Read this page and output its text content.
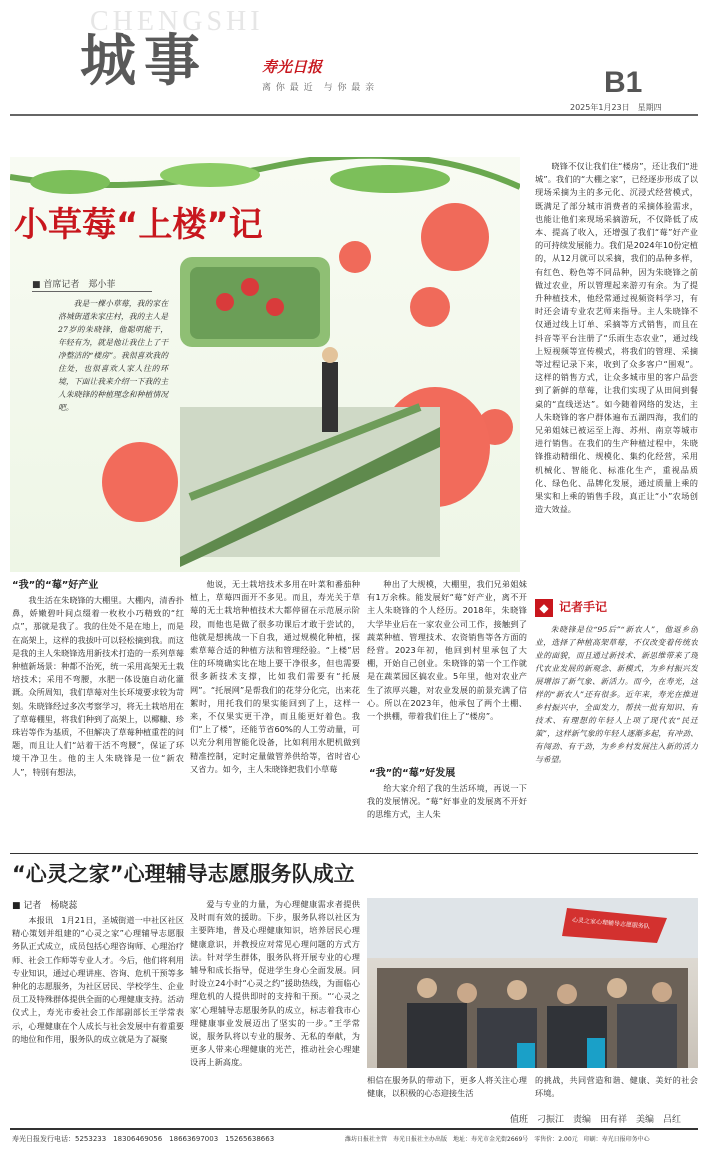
CHENGSHI
城事	寿光日报
离 你 最 近　与 你 最 亲	B1
2025年1月23日　星期四
小草莓“上楼”记
■ 首席记者　郑小菲
我是一棵小草莓，我的家在洛城街道朱家庄村，我的主人是27岁的朱晓锋，他聪明能干，年轻有为，就是他让我住上了干净整洁的“楼房”。我很喜欢我的住处，也很喜欢人家人往的环境，下面让我来介绍一下我的主人朱晓锋的种植理念和种植情况吧。
“我”的“莓”好产业

我生活在朱晓锋的大棚里。大棚内，清香扑鼻，娇嫩碧叶间点缀着一枚枚小巧精致的“红点”，那就是我了。我的住处不是在地上，而是在高架上，这样的我拔叶可以轻松摘到我。而这是我的主人朱晓锋选用新技术打造的一系列草莓种植新场景：种都不治死，统一采用高架无土栽培技术；采用不弯腰，水肥一体设施自动化灌溉。众所周知，我们草莓对生长环境要求较为苛刻。朱晓锋经过多次考察学习，将无土栽培用在了草莓棚里，将我们种到了高架上，以椰糠、珍珠岩等作为基质，不但解决了草莓种植重茬的问题，而且让人们“站着干活不弯腰”，保证了环境干净卫生。他的主人朱晓锋是一位“新农人”，特别有想法，

他说，无土栽培技术多用在叶菜和番茄种植上，草莓四面开不多见。而且，寿光关于草莓的无土栽培种植技术大都停留在示范展示阶段，而他也是做了很多功课后才敢于尝试的，他就是想挑战一下自我，通过规模化种植，探索草莓合适的种植方法和管理经验。“上楼”居住的环境确实比在地上要干净很多，但也需要很多新技术支撑，比如我们需要有“托展网”。“托展网”是帮我们的花芽分化完，出来花絮时，用托我们的果实能回到了上，这样一来，不仅果实更干净，而且能更好着色。我们“上了楼”，还能节省60%的人工劳动量，可以充分利用智能化设备，比如利用水肥机做到精准控制，定时定量做管养供给等，省时省心又省力。如今，主人朱晓锋把我们小草莓

种出了大规模，大棚里，我们兄弟姐妹有1万余株。能发展好“莓”好产业，离不开主人朱晓锋的个人经历。2018年，朱晓锋大学毕业后在一家农业公司工作，接触到了蔬菜种植、管理技术、农资销售等各方面的经营。2023年初，他回到村里承包了大棚，开始自己创业。朱晓锋的第一个工作就是在蔬菜园区搞农业。5年里，他对农业产生了浓厚兴趣，对农业发展的前景充满了信心。所以在2023年，他承包了两个土棚、一个拱棚，带着我们住上了“楼房”。

“我”的“莓”好发展

给大家介绍了我的生活环境，再说一下我的发展情况。“莓”好事业的发展离不开好的思维方式，主人朱

晓锋不仅让我们住“楼房”，还让我们“进城”。我们的“大棚之家”，已经逐步形成了以现场采摘为主的多元化、沉浸式经营模式，既满足了部分城市消费者的采摘体验需求，也能让他们来现场采摘游玩，不仅降低了成本、提高了收入，还增强了我们“莓”好产业的可持续发展能力。我们是2024年10份定植的，从12月就可以采摘，我们的品种多样，有红色、粉色等不同品种，因为朱晓锋之前做过农业，所以管理起来游刃有余。为了提升种植技术，他经常通过视频资料学习，有时还会请专业农艺师来指导。主人朱晓锋不仅通过线上订单、采摘等方式销售，而且在抖音等平台注册了“乐雨生态农业”，通过线上短视频等宣传模式，将我们的管理、采摘等过程记录下来，收到了众多客户“围观”。这样的销售方式，让众多城市里的客户品尝到了新鲜的草莓，让我们实现了从田间到餐桌的“直线送达”。如今随着网络的发达，主人朱晓锋的客户群体遍布五湖四海，我们的兄弟姐妹已被运至上海、苏州、南京等城市进行销售。在我们的生产种植过程中，朱晓锋推动精细化、规模化、集约化经营，采用机械化、智能化、标准化生产，重视品质化、绿色化、品牌化发展，通过质量上乘的果实和上乘的销售手段，真正让“小”农场创造大效益。

◆ 记者手记
朱晓锋是位“95后”“新农人”，他返乡创业，选择了种植高架草莓，不仅改变着传统农业的面貌，而且通过新技术、新思维带来了现代农业发展的新观念、新模式，为乡村振兴发展增添了新气象、新活力。而今，在寿光，这样的“新农人”还有很多。近年来，寿光在推进乡村振兴中，全面发力，帮扶一批有知识、有技术、有理想的年轻人上项了现代农“民迁策”，这样新气象的年轻人逐渐多起，有冲劲、有闯劲、有干劲，为乡乡村发展注入新的活力与希望。
“心灵之家”心理辅导志愿服务队成立
■ 记者　杨晓蕊

本报讯　1月21日，圣城街道一中社区社区精心策划并组建的“心灵之家”心理辅导志愿服务队正式成立，成员包括心理咨询师、心理治疗师、社会工作师等专业人才。今后，他们将利用专业知识，通过心理讲座、咨询、危机干预等多种化的志愿服务，为社区居民、学校学生、企业员工及特殊群体提供全面的心理健康支持。活动仪式上，寿光市委社会工作部副部长王学常表示，心理健康在个人成长与社会发展中有着重要的地位和作用，服务队的成立就是为了凝聚

爱与专业的力量，为心理健康需求者提供及时而有效的援助。下步，服务队将以社区为主要阵地，普及心理健康知识，培养居民心理健康意识，并教授应对常见心理问题的方式方法。针对学生群体，服务队将开展专业的心理辅导和成长指导，促进学生身心全面发展。同时设立24小时“心灵之约”援助热线，为面临心理危机的人提供即时的支持和干预。“‘心灵之家’心理辅导志愿服务队的成立，标志着我市心理健康事业发展迈出了坚实的一步。”王学常说，服务队将以专业的服务、无私的奉献，为更多人带来心理健康的光芒，推动社会心理建设再上新高度。

心灵之家心理辅导志愿服务队

相信在服务队的带动下，更多人将关注心理健康，以积极的心态迎接生活

的挑战，共同营造和谐、健康、美好的社会环境。

值班　刁振江　责编　田有祥　美编　吕红
寿光日报发行电话：5253233　18306469056　18663697003　15265638663	潍坊日报社主管　寿光日报社主办出版　地址：寿光市金光街2669号　零售价：2.00元　印刷：寿光日报印务中心
